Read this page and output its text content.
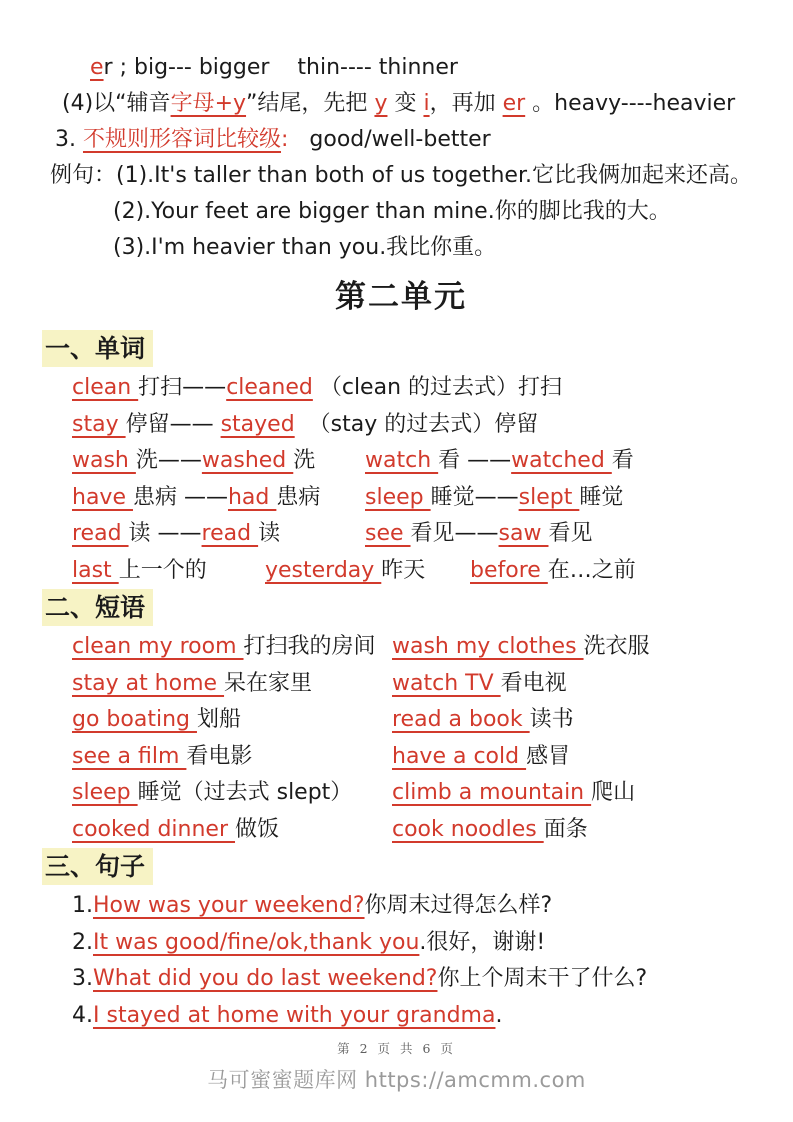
er ; big--- bigger    thin---- thinner
(4)以“辅音字母+y”结尾，先把 y 变 i，再加 er 。heavy----heavier
3. 不规则形容词比较级:   good/well-better
例句：(1).It's taller than both of us together.它比我俩加起来还高。
(2).Your feet are bigger than mine.你的脚比我的大。
(3).I'm heavier than you.我比你重。
第二单元
一、单词
clean 打扫——cleaned （clean 的过去式）打扫
stay 停留—— stayed  （stay 的过去式）停留
wash 洗——washed 洗	watch 看 ——watched 看
have 患病 ——had 患病	sleep 睡觉——slept 睡觉
read 读 ——read 读	see 看见——saw 看见
last 上一个的	yesterday 昨天	before 在…之前
二、短语
clean my room 打扫我的房间 wash my clothes 洗衣服
stay at home 呆在家里	watch TV 看电视
go boating 划船	read a book 读书
see a film 看电影	have a cold 感冒
sleep 睡觉（过去式 slept）	climb a mountain 爬山
cooked dinner 做饭	cook noodles 面条
三、句子
1.How was your weekend?你周末过得怎么样?
2.It was good/fine/ok,thank you.很好，谢谢!
3.What did you do last weekend?你上个周末干了什么?
4.I stayed at home with your grandma.
第 2 页 共 6 页
马可蜜蜜题库网 https://amcmm.com
